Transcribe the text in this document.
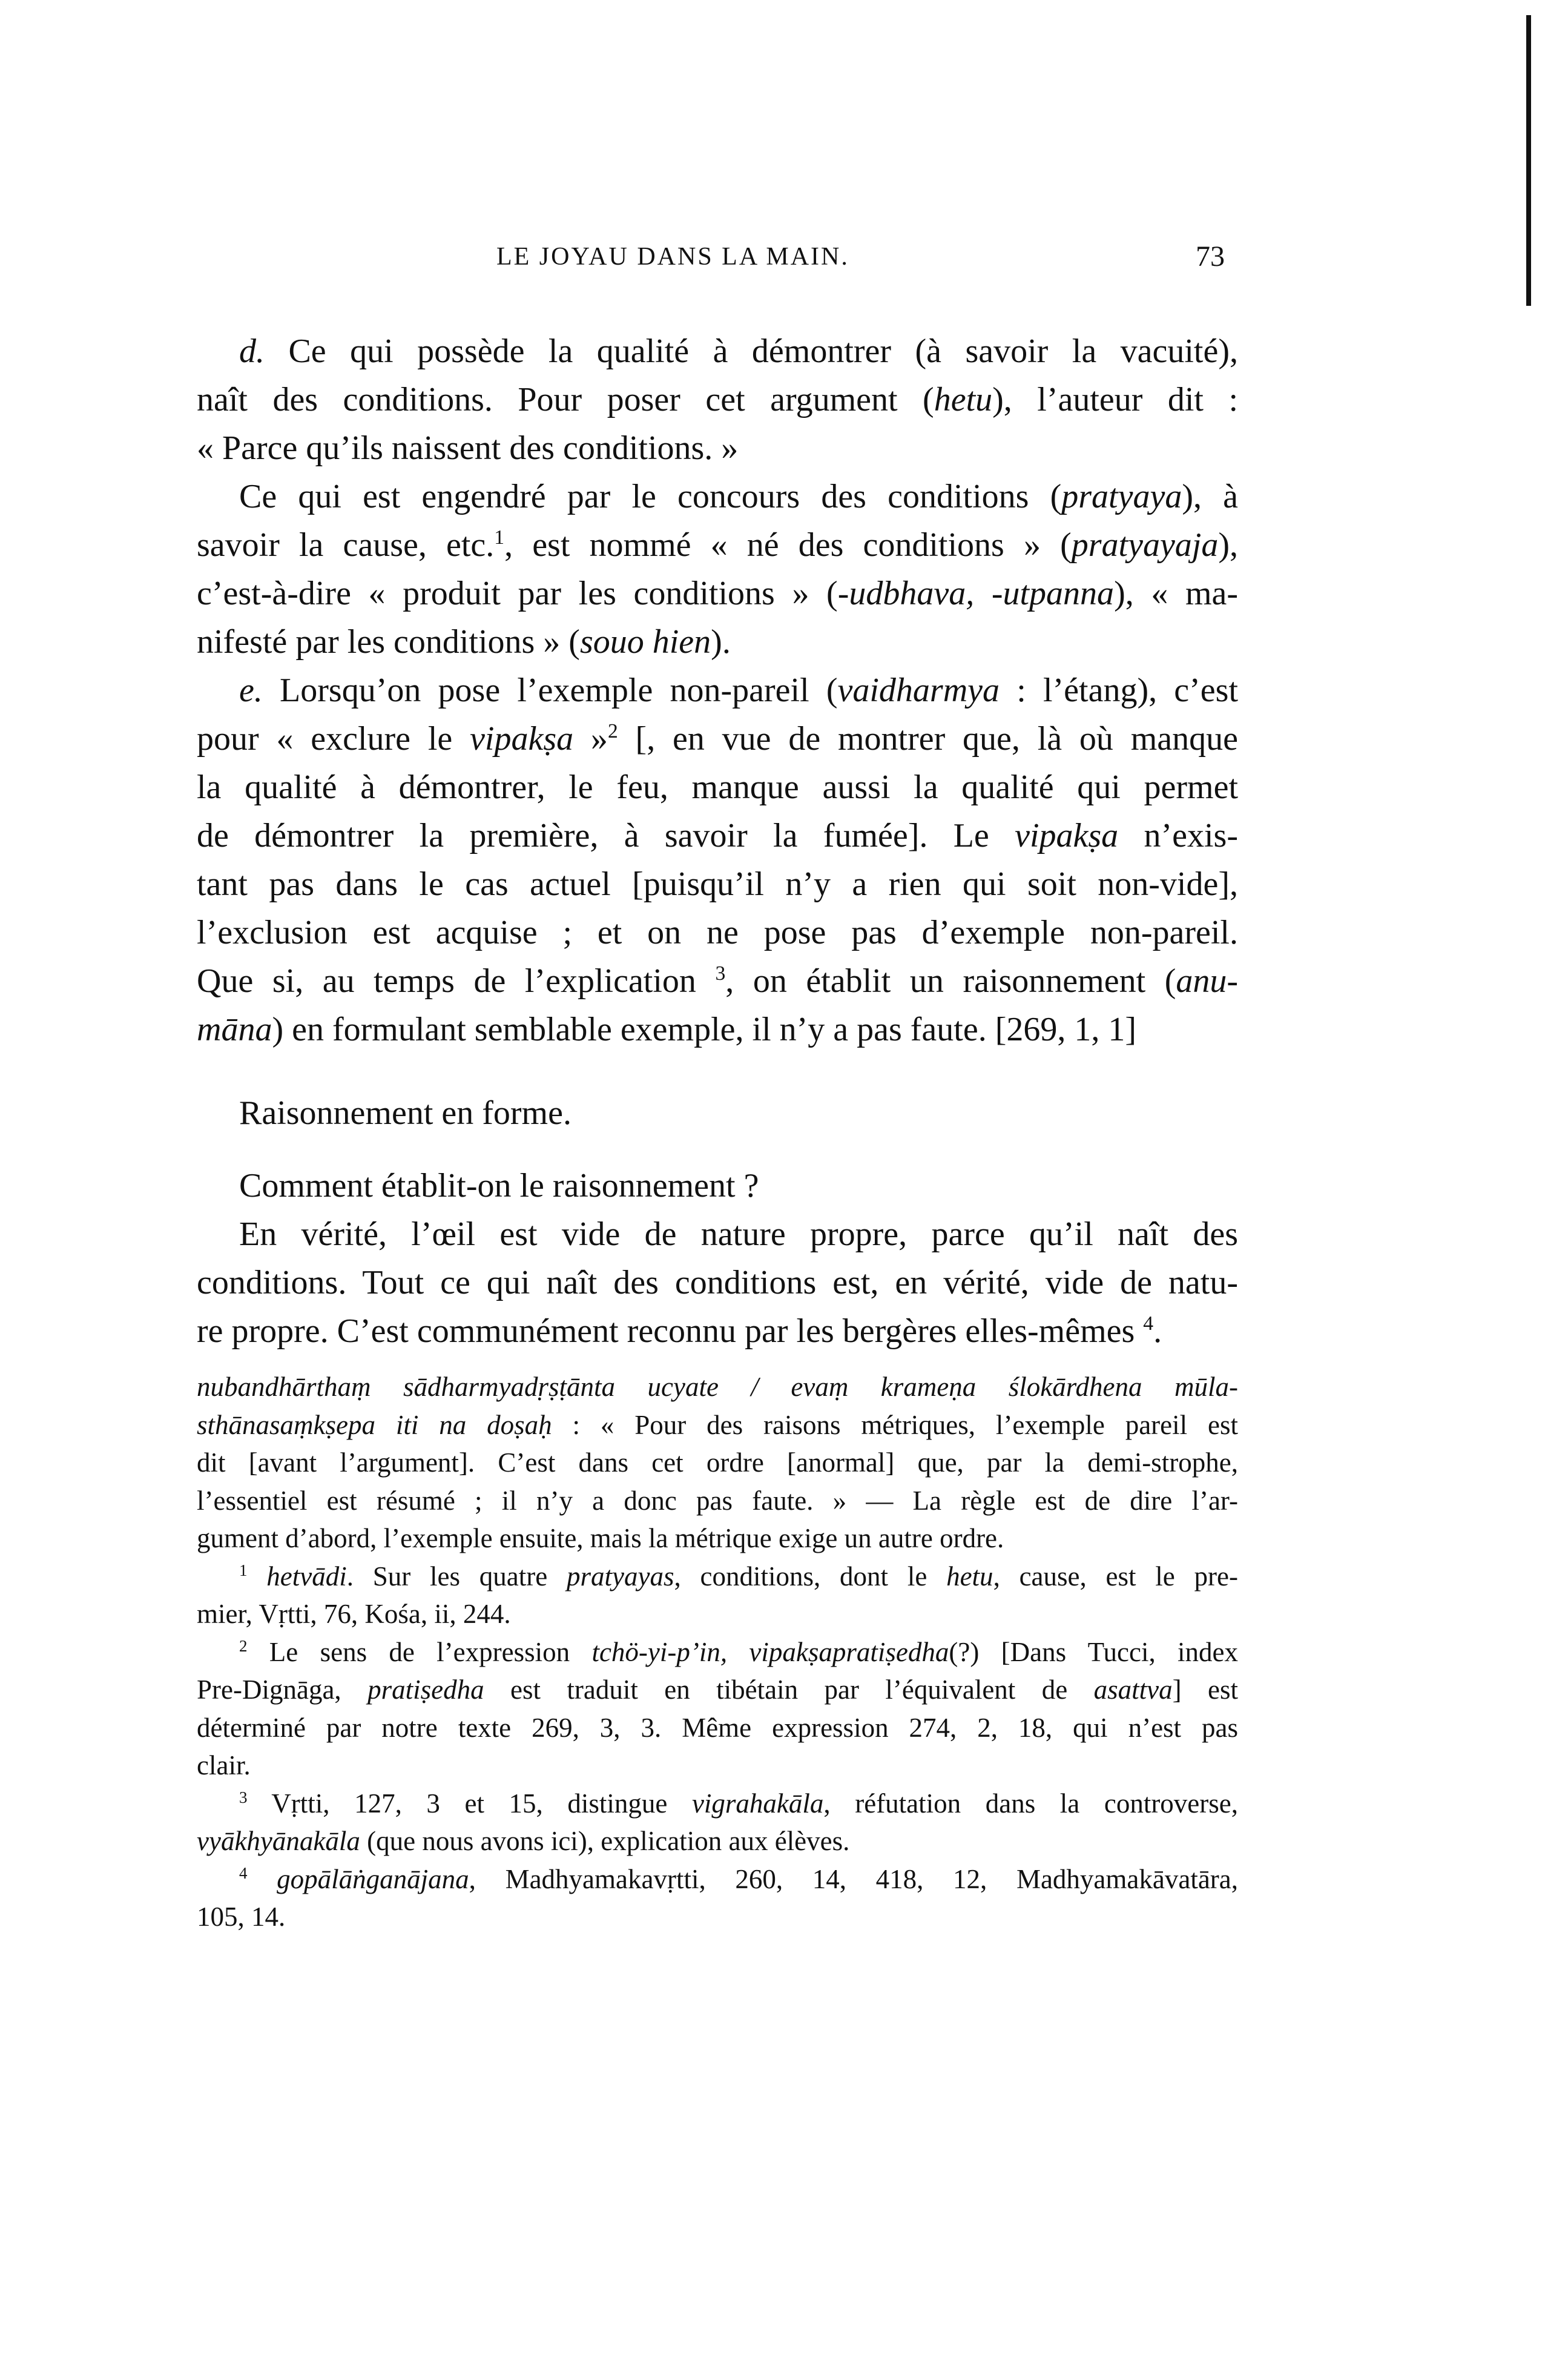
LE JOYAU DANS LA MAIN.	73
d. Ce qui possède la qualité à démontrer (à savoir la vacuité),
naît des conditions. Pour poser cet argument (hetu), l’auteur dit :
« Parce qu’ils naissent des conditions. »
Ce qui est engendré par le concours des conditions (pratyaya), à
savoir la cause, etc.$^1$, est nommé « né des conditions » (pratyayaja),
c’est-à-dire « produit par les conditions » (-udbhava, -utpanna), « ma-
nifesté par les conditions » (souo hien).
e. Lorsqu’on pose l’exemple non-pareil (vaidharmya : l’étang), c’est
pour « exclure le vipakṣa »$^2$ [, en vue de montrer que, là où manque
la qualité à démontrer, le feu, manque aussi la qualité qui permet
de démontrer la première, à savoir la fumée]. Le vipakṣa n’exis-
tant pas dans le cas actuel [puisqu’il n’y a rien qui soit non-vide],
l’exclusion est acquise ; et on ne pose pas d’exemple non-pareil.
Que si, au temps de l’explication $^3$, on établit un raisonnement (anu-
māna) en formulant semblable exemple, il n’y a pas faute. [269, 1, 1]
Raisonnement en forme.
Comment établit-on le raisonnement ?
En vérité, l’œil est vide de nature propre, parce qu’il naît des
conditions. Tout ce qui naît des conditions est, en vérité, vide de natu-
re propre. C’est communément reconnu par les bergères elles-mêmes $^4$.
nubandhārthaṃ sādharmyadṛṣṭānta ucyate / evaṃ krameṇa ślokārdhena mūla-
sthānasaṃkṣepa iti na doṣaḥ : « Pour des raisons métriques, l’exemple pareil est
dit [avant l’argument]. C’est dans cet ordre [anormal] que, par la demi-strophe,
l’essentiel est résumé ; il n’y a donc pas faute. » — La règle est de dire l’ar-
gument d’abord, l’exemple ensuite, mais la métrique exige un autre ordre.
$^1$ hetvādi. Sur les quatre pratyayas, conditions, dont le hetu, cause, est le pre-
mier, Vṛtti, 76, Kośa, ii, 244.
$^2$ Le sens de l’expression tchö-yi-p’in, vipakṣapratiṣedha(?) [Dans Tucci, index
Pre-Dignāga, pratiṣedha est traduit en tibétain par l’équivalent de asattva] est
déterminé par notre texte 269, 3, 3. Même expression 274, 2, 18, qui n’est pas
clair.
$^3$ Vṛtti, 127, 3 et 15, distingue vigrahakāla, réfutation dans la controverse,
vyākhyānakāla (que nous avons ici), explication aux élèves.
$^4$ gopālāṅganājana, Madhyamakavṛtti, 260, 14, 418, 12, Madhyamakāvatāra,
105, 14.
